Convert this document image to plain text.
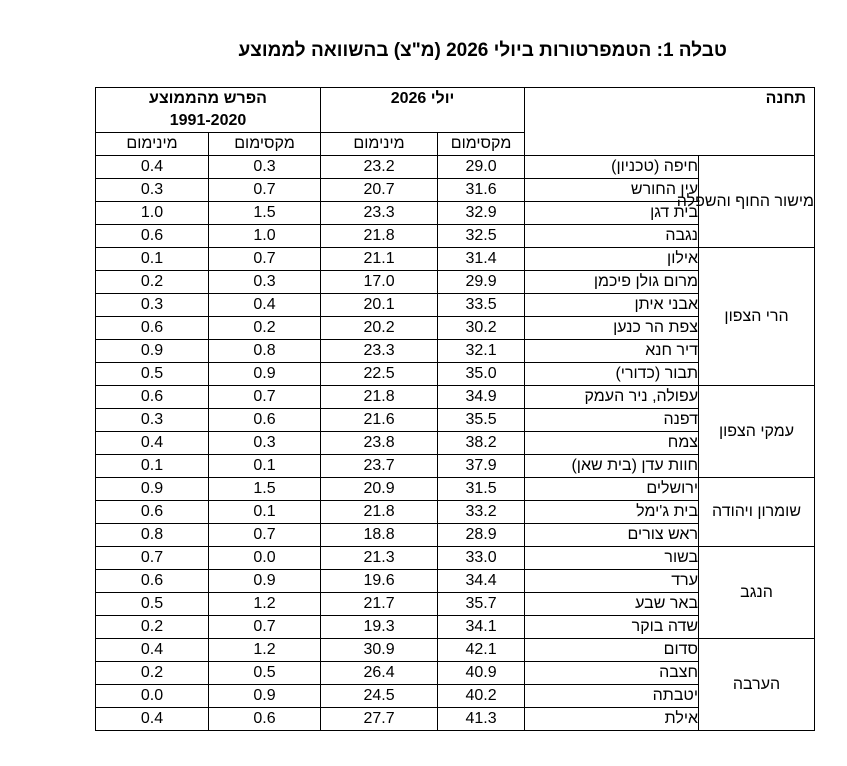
טבלה 1: הטמפרטורות ביולי 2026 (מ"צ) בהשוואה לממוצע
תחנה		יולי 2026		הפרש מהממוצע
1991-2020	

		מקסימום	מינימום	מקסימום	מינימום
מישור החוף והשפלה	חיפה (טכניון)	29.0	23.2	0.3	0.4
	עין החורש	31.6	20.7	0.7	0.3
	בית דגן	32.9	23.3	1.5	1.0
	נגבה	32.5	21.8	1.0	0.6
הרי הצפון	אילון	31.4	21.1	0.7	0.1
	מרום גולן פיכמן	29.9	17.0	0.3	0.2
	אבני איתן	33.5	20.1	0.4	0.3
	צפת הר כנען	30.2	20.2	0.2	0.6
	דיר חנא	32.1	23.3	0.8	0.9
	תבור (כדורי)	35.0	22.5	0.9	0.5
עמקי הצפון	עפולה, ניר העמק	34.9	21.8	0.7	0.6
	דפנה	35.5	21.6	0.6	0.3
	צמח	38.2	23.8	0.3	0.4
	חוות עדן (בית שאן)	37.9	23.7	0.1	0.1
שומרון ויהודה	ירושלים	31.5	20.9	1.5	0.9
	בית ג'ימל	33.2	21.8	0.1	0.6
	ראש צורים	28.9	18.8	0.7	0.8
הנגב	בשור	33.0	21.3	0.0	0.7
	ערד	34.4	19.6	0.9	0.6
	באר שבע	35.7	21.7	1.2	0.5
	שדה בוקר	34.1	19.3	0.7	0.2
הערבה	סדום	42.1	30.9	1.2	0.4
	חצבה	40.9	26.4	0.5	0.2
	יטבתה	40.2	24.5	0.9	0.0
	אילת	41.3	27.7	0.6	0.4
